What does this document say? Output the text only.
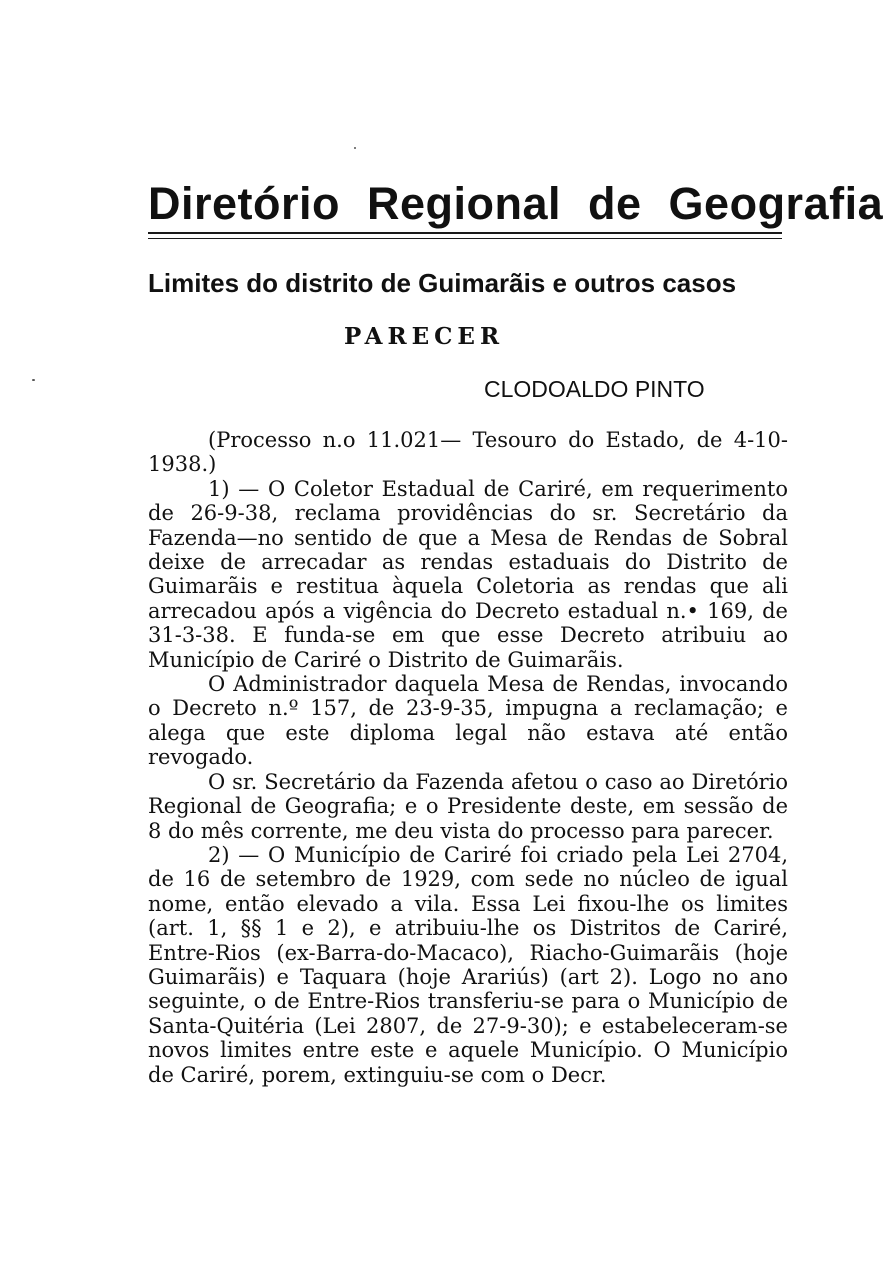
Diretório Regional de Geografia
Limites do distrito de Guimarãis e outros casos
PARECER
CLODOALDO PINTO

(Processo n.o 11.021— Tesouro do Estado, de 4-10-1938.)

1) — O Coletor Estadual de Cariré, em requerimento de 26-9-38, reclama providências do sr. Secretário da Fazenda—no sentido de que a Mesa de Rendas de Sobral deixe de arrecadar as rendas estaduais do Distrito de Guimarãis e restitua àquela Coletoria as rendas que ali arrecadou após a vigência do Decreto estadual n.• 169, de 31-3-38. E funda-se em que esse Decreto atribuiu ao Município de Cariré o Distrito de Guimarãis.

O Administrador daquela Mesa de Rendas, invocando o Decreto n.º 157, de 23-9-35, impugna a reclamação; e alega que este diploma legal não estava até então revogado.

O sr. Secretário da Fazenda afetou o caso ao Diretório Regional de Geografia; e o Presidente deste, em sessão de 8 do mês corrente, me deu vista do processo para parecer.

2) — O Município de Cariré foi criado pela Lei 2704, de 16 de setembro de 1929, com sede no núcleo de igual nome, então elevado a vila. Essa Lei fixou-lhe os limites (art. 1, §§ 1 e 2), e atribuiu-lhe os Distritos de Cariré, Entre-Rios (ex-Barra-do-Macaco), Riacho-Guimarãis (hoje Guimarãis) e Taquara (hoje Arariús) (art 2). Logo no ano seguinte, o de Entre-Rios transferiu-se para o Município de Santa-Quitéria (Lei 2807, de 27-9-30); e estabeleceram-se novos limites entre este e aquele Município. O Município de Cariré, porem, extinguiu-se com o Decr.
